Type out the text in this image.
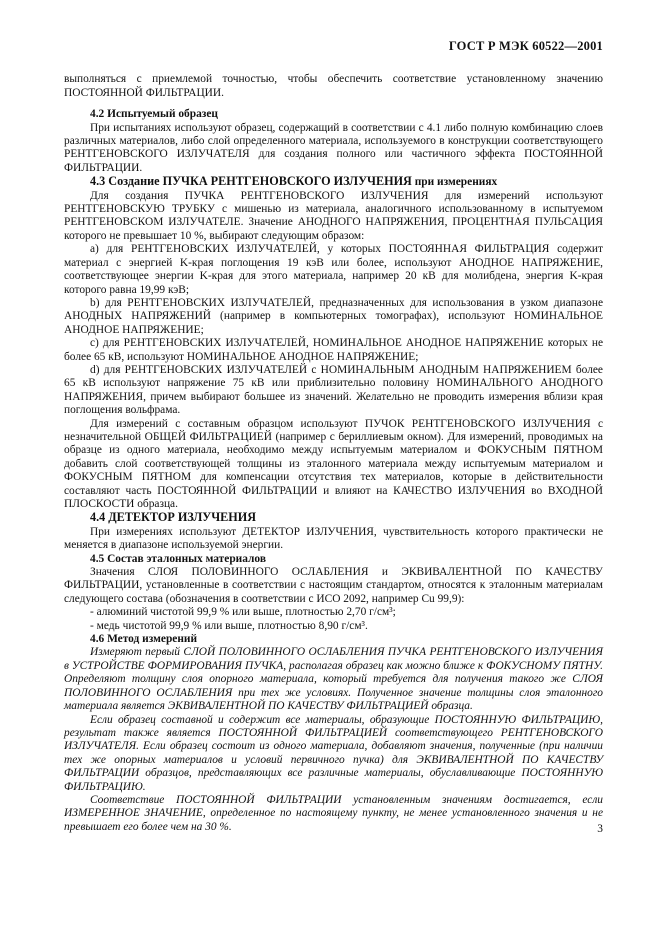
ГОСТ Р МЭК 60522—2001

выполняться с приемлемой точностью, чтобы обеспечить соответствие установленному значению ПОСТОЯННОЙ ФИЛЬТРАЦИИ.

4.2 Испытуемый образец

При испытаниях используют образец, содержащий в соответствии с 4.1 либо полную комбинацию слоев различных материалов, либо слой определенного материала, используемого в конструкции соответствующего РЕНТГЕНОВСКОГО ИЗЛУЧАТЕЛЯ для создания полного или частичного эффекта ПОСТОЯННОЙ ФИЛЬТРАЦИИ.

4.3 Создание ПУЧКА РЕНТГЕНОВСКОГО ИЗЛУЧЕНИЯ при измерениях

Для создания ПУЧКА РЕНТГЕНОВСКОГО ИЗЛУЧЕНИЯ для измерений используют РЕНТГЕНОВСКУЮ ТРУБКУ с мишенью из материала, аналогичного использованному в испытуемом РЕНТГЕНОВСКОМ ИЗЛУЧАТЕЛЕ. Значение АНОДНОГО НАПРЯЖЕНИЯ, ПРОЦЕНТНАЯ ПУЛЬСАЦИЯ которого не превышает 10 %, выбирают следующим образом:

a) для РЕНТГЕНОВСКИХ ИЗЛУЧАТЕЛЕЙ, у которых ПОСТОЯННАЯ ФИЛЬТРАЦИЯ содержит материал с энергией K-края поглощения 19 кэВ или более, используют АНОДНОЕ НАПРЯЖЕНИЕ, соответствующее энергии K-края для этого материала, например 20 кВ для молибдена, энергия K-края которого равна 19,99 кэВ;

b) для РЕНТГЕНОВСКИХ ИЗЛУЧАТЕЛЕЙ, предназначенных для использования в узком диапазоне АНОДНЫХ НАПРЯЖЕНИЙ (например в компьютерных томографах), используют НОМИНАЛЬНОЕ АНОДНОЕ НАПРЯЖЕНИЕ;

c) для РЕНТГЕНОВСКИХ ИЗЛУЧАТЕЛЕЙ, НОМИНАЛЬНОЕ АНОДНОЕ НАПРЯЖЕНИЕ которых не более 65 кВ, используют НОМИНАЛЬНОЕ АНОДНОЕ НАПРЯЖЕНИЕ;

d) для РЕНТГЕНОВСКИХ ИЗЛУЧАТЕЛЕЙ с НОМИНАЛЬНЫМ АНОДНЫМ НАПРЯЖЕНИЕМ более 65 кВ используют напряжение 75 кВ или приблизительно половину НОМИНАЛЬНОГО АНОДНОГО НАПРЯЖЕНИЯ, причем выбирают большее из значений. Желательно не проводить измерения вблизи края поглощения вольфрама.

Для измерений с составным образцом используют ПУЧОК РЕНТГЕНОВСКОГО ИЗЛУЧЕНИЯ с незначительной ОБЩЕЙ ФИЛЬТРАЦИЕЙ (например с бериллиевым окном). Для измерений, проводимых на образце из одного материала, необходимо между испытуемым материалом и ФОКУСНЫМ ПЯТНОМ добавить слой соответствующей толщины из эталонного материала между испытуемым материалом и ФОКУСНЫМ ПЯТНОМ для компенсации отсутствия тех материалов, которые в действительности составляют часть ПОСТОЯННОЙ ФИЛЬТРАЦИИ и влияют на КАЧЕСТВО ИЗЛУЧЕНИЯ во ВХОДНОЙ ПЛОСКОСТИ образца.

4.4 ДЕТЕКТОР ИЗЛУЧЕНИЯ

При измерениях используют ДЕТЕКТОР ИЗЛУЧЕНИЯ, чувствительность которого практически не меняется в диапазоне используемой энергии.

4.5 Состав эталонных материалов

Значения СЛОЯ ПОЛОВИННОГО ОСЛАБЛЕНИЯ и ЭКВИВАЛЕНТНОЙ ПО КАЧЕСТВУ ФИЛЬТРАЦИИ, установленные в соответствии с настоящим стандартом, относятся к эталонным материалам следующего состава (обозначения в соответствии с ИСО 2092, например Cu 99,9):

- алюминий чистотой 99,9 % или выше, плотностью 2,70 г/см³;

- медь чистотой 99,9 % или выше, плотностью 8,90 г/см³.

4.6 Метод измерений

Измеряют первый СЛОЙ ПОЛОВИННОГО ОСЛАБЛЕНИЯ ПУЧКА РЕНТГЕНОВСКОГО ИЗЛУЧЕНИЯ в УСТРОЙСТВЕ ФОРМИРОВАНИЯ ПУЧКА, располагая образец как можно ближе к ФОКУСНОМУ ПЯТНУ. Определяют толщину слоя опорного материала, который требуется для получения такого же СЛОЯ ПОЛОВИННОГО ОСЛАБЛЕНИЯ при тех же условиях. Полученное значение толщины слоя эталонного материала является ЭКВИВАЛЕНТНОЙ ПО КАЧЕСТВУ ФИЛЬТРАЦИЕЙ образца.

Если образец составной и содержит все материалы, образующие ПОСТОЯННУЮ ФИЛЬТРАЦИЮ, результат также является ПОСТОЯННОЙ ФИЛЬТРАЦИЕЙ соответствующего РЕНТГЕНОВСКОГО ИЗЛУЧАТЕЛЯ. Если образец состоит из одного материала, добавляют значения, полученные (при наличии тех же опорных материалов и условий первичного пучка) для ЭКВИВАЛЕНТНОЙ ПО КАЧЕСТВУ ФИЛЬТРАЦИИ образцов, представляющих все различные материалы, обуславливающие ПОСТОЯННУЮ ФИЛЬТРАЦИЮ.

Соответствие ПОСТОЯННОЙ ФИЛЬТРАЦИИ установленным значениям достигается, если ИЗМЕРЕННОЕ ЗНАЧЕНИЕ, определенное по настоящему пункту, не менее установленного значения и не превышает его более чем на 30 %.	3
